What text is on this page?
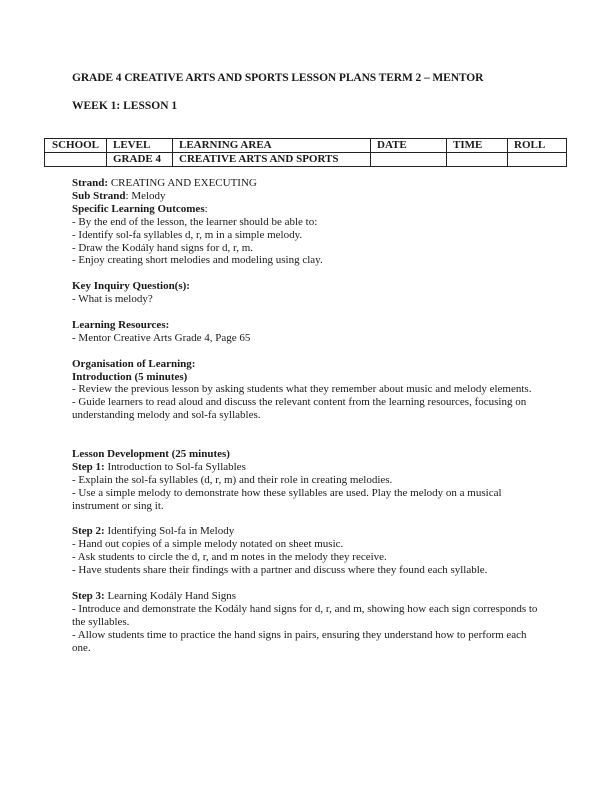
GRADE 4 CREATIVE ARTS AND SPORTS LESSON PLANS TERM 2 – MENTOR
WEEK 1: LESSON 1
SCHOOL	LEVEL	LEARNING AREA	DATE	TIME	ROLL
	GRADE 4	CREATIVE ARTS AND SPORTS			

Strand: CREATING AND EXECUTING

Sub Strand: Melody

Specific Learning Outcomes:

- By the end of the lesson, the learner should be able to:

- Identify sol-fa syllables d, r, m in a simple melody.

- Draw the Kodály hand signs for d, r, m.

- Enjoy creating short melodies and modeling using clay.

Key Inquiry Question(s):

- What is melody?

Learning Resources:

- Mentor Creative Arts Grade 4, Page 65

Organisation of Learning:

Introduction (5 minutes)

- Review the previous lesson by asking students what they remember about music and melody elements.

- Guide learners to read aloud and discuss the relevant content from the learning resources, focusing on understanding melody and sol-fa syllables.

Lesson Development (25 minutes)

Step 1: Introduction to Sol-fa Syllables

- Explain the sol-fa syllables (d, r, m) and their role in creating melodies.

- Use a simple melody to demonstrate how these syllables are used. Play the melody on a musical instrument or sing it.

Step 2: Identifying Sol-fa in Melody

- Hand out copies of a simple melody notated on sheet music.

- Ask students to circle the d, r, and m notes in the melody they receive.

- Have students share their findings with a partner and discuss where they found each syllable.

Step 3: Learning Kodály Hand Signs

- Introduce and demonstrate the Kodály hand signs for d, r, and m, showing how each sign corresponds to the syllables.

- Allow students time to practice the hand signs in pairs, ensuring they understand how to perform each one.
